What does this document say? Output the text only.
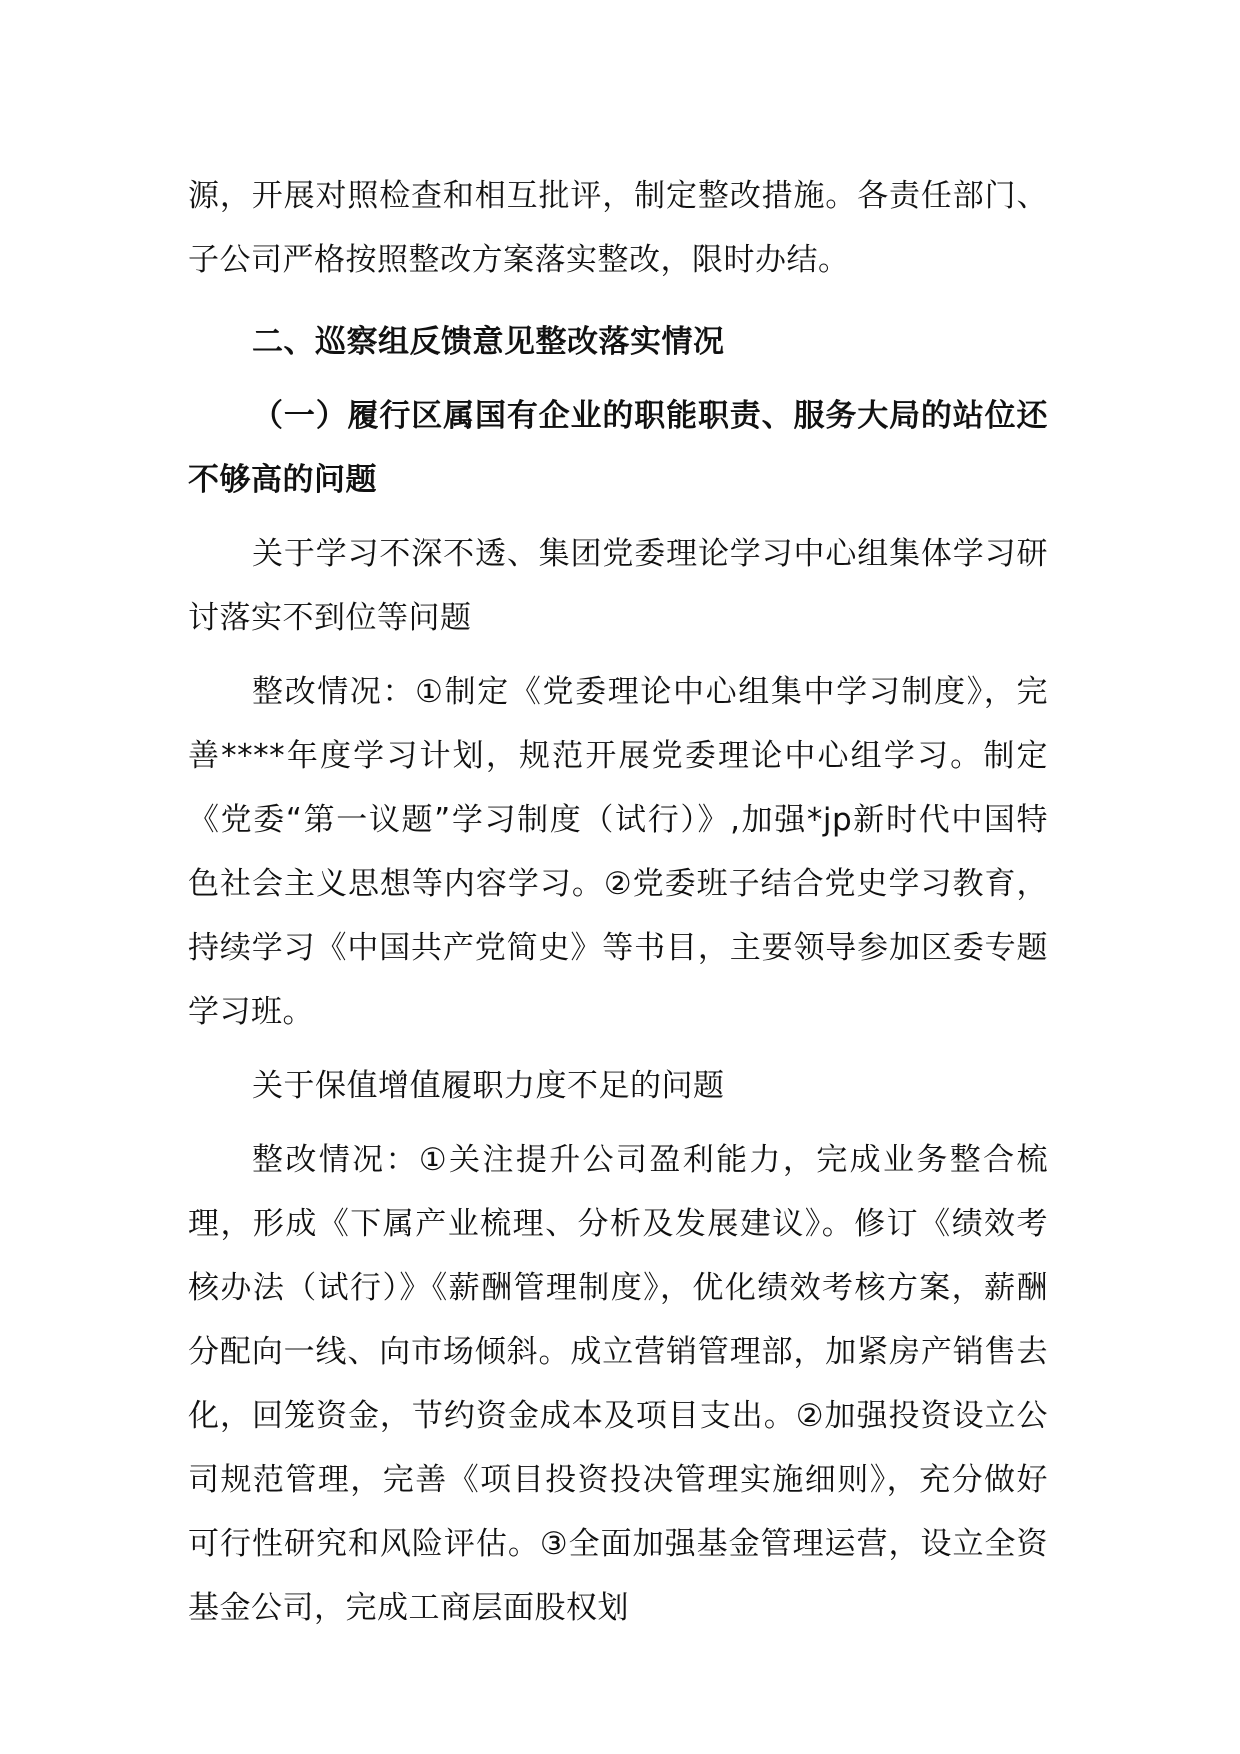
源，开展对照检查和相互批评，制定整改措施。各责任部门、子公司严格按照整改方案落实整改，限时办结。

二、巡察组反馈意见整改落实情况

（一）履行区属国有企业的职能职责、服务大局的站位还不够高的问题

关于学习不深不透、集团党委理论学习中心组集体学习研讨落实不到位等问题

整改情况：①制定《党委理论中心组集中学习制度》，完善****年度学习计划，规范开展党委理论中心组学习。制定《党委“第一议题”学习制度（试行）》,加强*jp新时代中国特色社会主义思想等内容学习。②党委班子结合党史学习教育，持续学习《中国共产党简史》等书目，主要领导参加区委专题学习班。

关于保值增值履职力度不足的问题

整改情况：①关注提升公司盈利能力，完成业务整合梳理，形成《下属产业梳理、分析及发展建议》。修订《绩效考核办法（试行）》《薪酬管理制度》，优化绩效考核方案，薪酬分配向一线、向市场倾斜。成立营销管理部，加紧房产销售去化，回笼资金，节约资金成本及项目支出。②加强投资设立公司规范管理，完善《项目投资投决管理实施细则》，充分做好可行性研究和风险评估。③全面加强基金管理运营，设立全资基金公司，完成工商层面股权划
